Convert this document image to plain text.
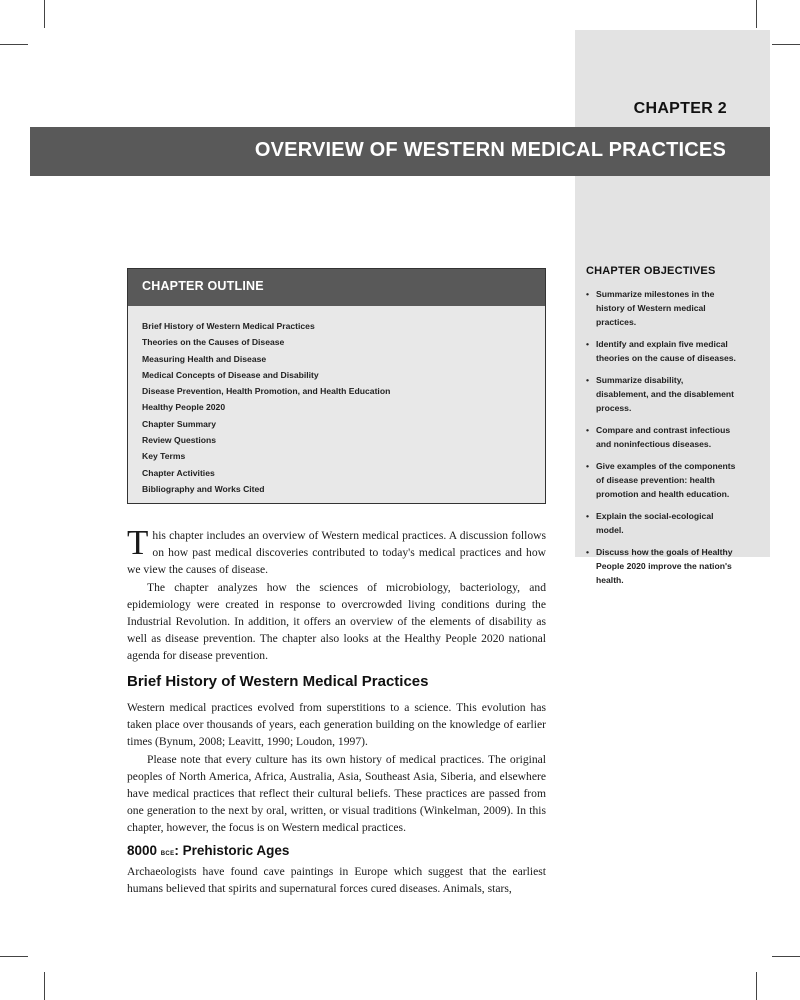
CHAPTER 2
OVERVIEW OF WESTERN MEDICAL PRACTICES
CHAPTER OBJECTIVES
• Summarize milestones in the history of Western medical practices.
• Identify and explain five medical theories on the cause of diseases.
• Summarize disability, disablement, and the disablement process.
• Compare and contrast infectious and noninfectious diseases.
• Give examples of the components of disease prevention: health promotion and health education.
• Explain the social-ecological model.
• Discuss how the goals of Healthy People 2020 improve the nation's health.
CHAPTER OUTLINE
Brief History of Western Medical Practices
Theories on the Causes of Disease
Measuring Health and Disease
Medical Concepts of Disease and Disability
Disease Prevention, Health Promotion, and Health Education
Healthy People 2020
Chapter Summary
Review Questions
Key Terms
Chapter Activities
Bibliography and Works Cited

This chapter includes an overview of Western medical practices. A discussion follows on how past medical discoveries contributed to today's medical practices and how we view the causes of disease.

The chapter analyzes how the sciences of microbiology, bacteriology, and epidemiology were created in response to overcrowded living conditions during the Industrial Revolution. In addition, it offers an overview of the elements of disability as well as disease prevention. The chapter also looks at the Healthy People 2020 national agenda for disease prevention.

Brief History of Western Medical Practices

Western medical practices evolved from superstitions to a science. This evolution has taken place over thousands of years, each generation building on the knowledge of earlier times (Bynum, 2008; Leavitt, 1990; Loudon, 1997).

Please note that every culture has its own history of medical practices. The original peoples of North America, Africa, Australia, Asia, Southeast Asia, Siberia, and elsewhere have medical practices that reflect their cultural beliefs. These practices are passed from one generation to the next by oral, written, or visual traditions (Winkelman, 2009). In this chapter, however, the focus is on Western medical practices.

8000 bce: Prehistoric Ages

Archaeologists have found cave paintings in Europe which suggest that the earliest humans believed that spirits and supernatural forces cured diseases. Animals, stars,
